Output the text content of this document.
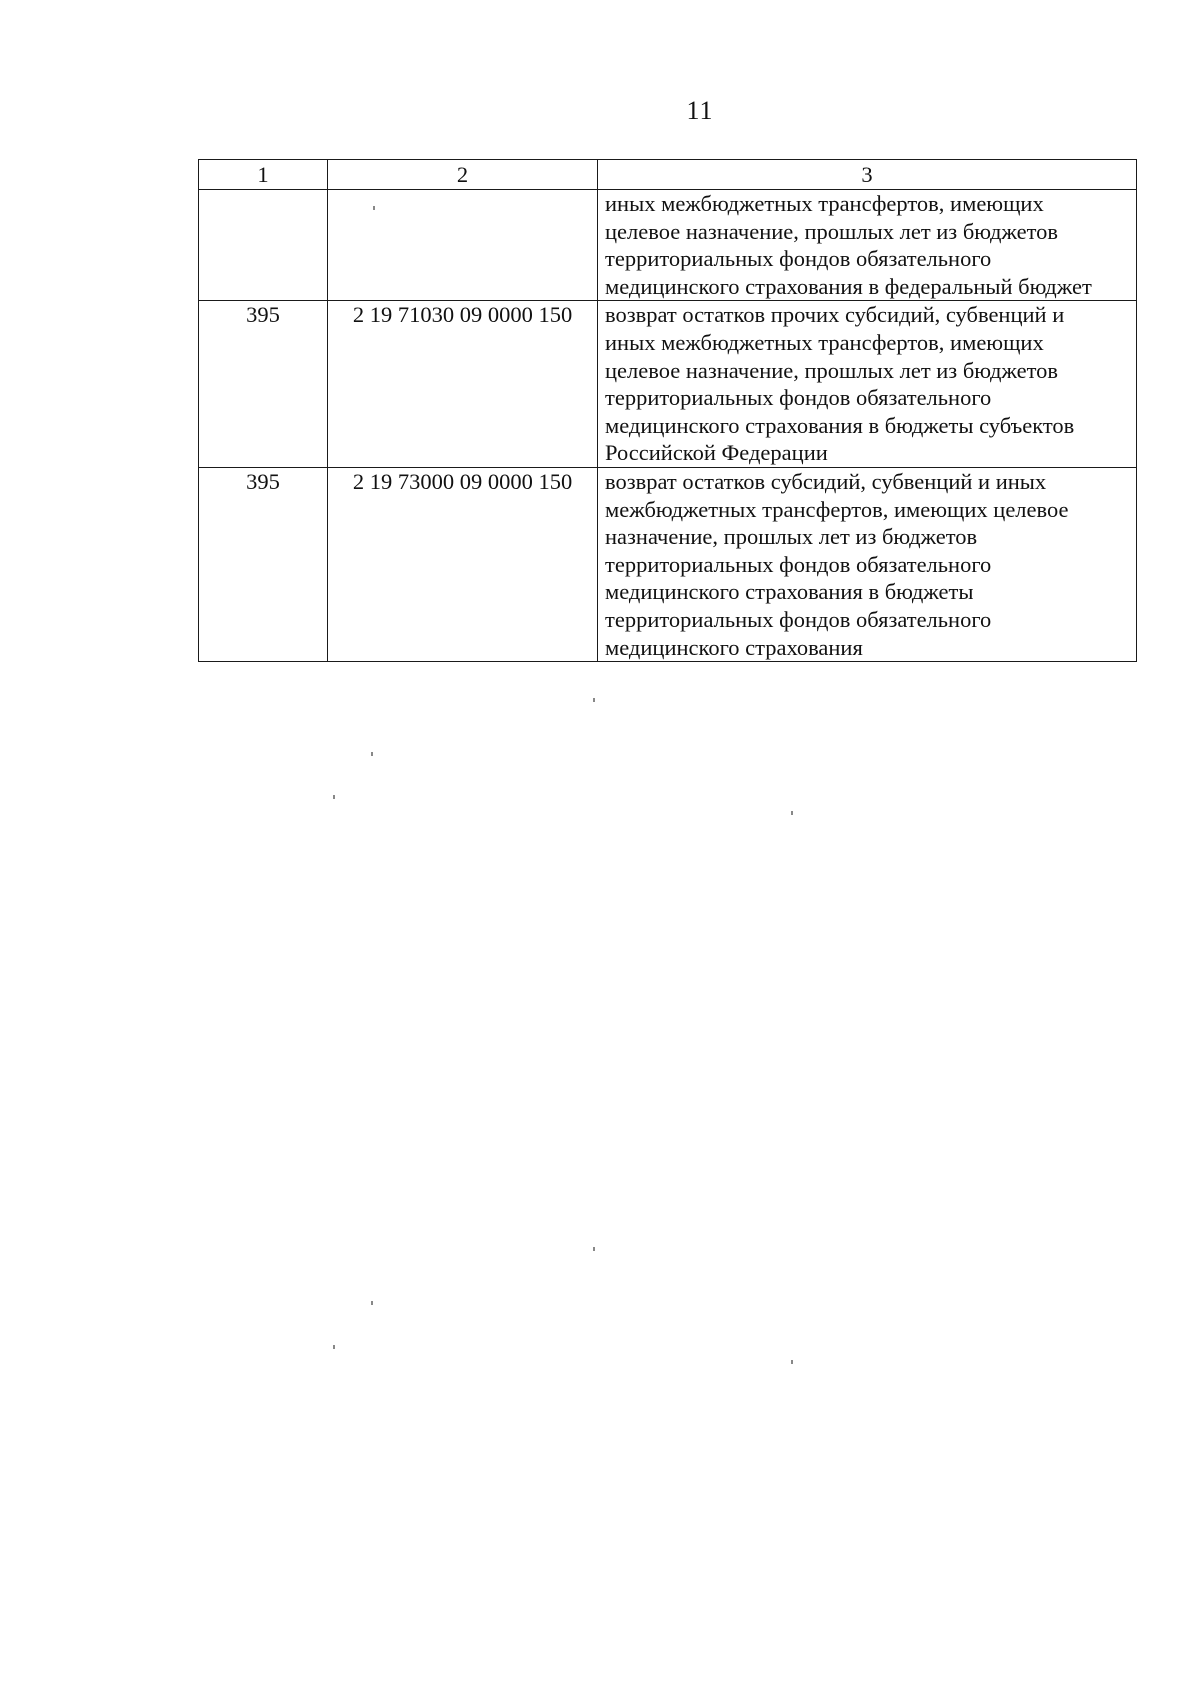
11
1	2	3

		иных межбюджетных трансфертов, имеющих
целевое назначение, прошлых лет из бюджетов
территориальных фондов обязательного
медицинского страхования в федеральный бюджет

395	2 19 71030 09 0000 150	возврат остатков прочих субсидий, субвенций и
иных межбюджетных трансфертов, имеющих
целевое назначение, прошлых лет из бюджетов
территориальных фондов обязательного
медицинского страхования в бюджеты субъектов
Российской Федерации

395	2 19 73000 09 0000 150	возврат остатков субсидий, субвенций и иных
межбюджетных трансфертов, имеющих целевое
назначение, прошлых лет из бюджетов
территориальных фондов обязательного
медицинского страхования в бюджеты
территориальных фондов обязательного
медицинского страхования
